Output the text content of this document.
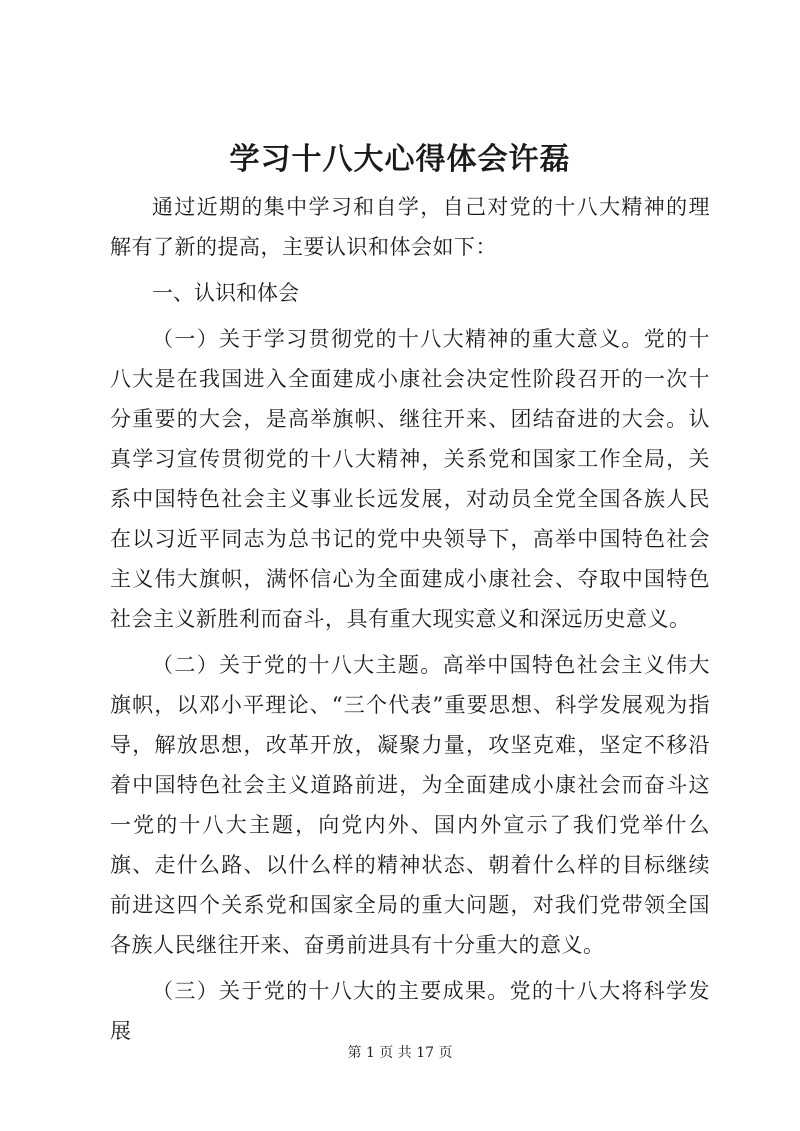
学习十八大心得体会许磊

通过近期的集中学习和自学，自己对党的十八大精神的理解有了新的提高，主要认识和体会如下：

一、认识和体会

（一）关于学习贯彻党的十八大精神的重大意义。党的十八大是在我国进入全面建成小康社会决定性阶段召开的一次十分重要的大会，是高举旗帜、继往开来、团结奋进的大会。认真学习宣传贯彻党的十八大精神，关系党和国家工作全局，关系中国特色社会主义事业长远发展，对动员全党全国各族人民在以习近平同志为总书记的党中央领导下，高举中国特色社会主义伟大旗帜，满怀信心为全面建成小康社会、夺取中国特色社会主义新胜利而奋斗，具有重大现实意义和深远历史意义。

（二）关于党的十八大主题。高举中国特色社会主义伟大旗帜，以邓小平理论、“三个代表”重要思想、科学发展观为指导，解放思想，改革开放，凝聚力量，攻坚克难，坚定不移沿着中国特色社会主义道路前进，为全面建成小康社会而奋斗这一党的十八大主题，向党内外、国内外宣示了我们党举什么旗、走什么路、以什么样的精神状态、朝着什么样的目标继续前进这四个关系党和国家全局的重大问题，对我们党带领全国各族人民继往开来、奋勇前进具有十分重大的意义。

（三）关于党的十八大的主要成果。党的十八大将科学发展

第 1 页 共 17 页
